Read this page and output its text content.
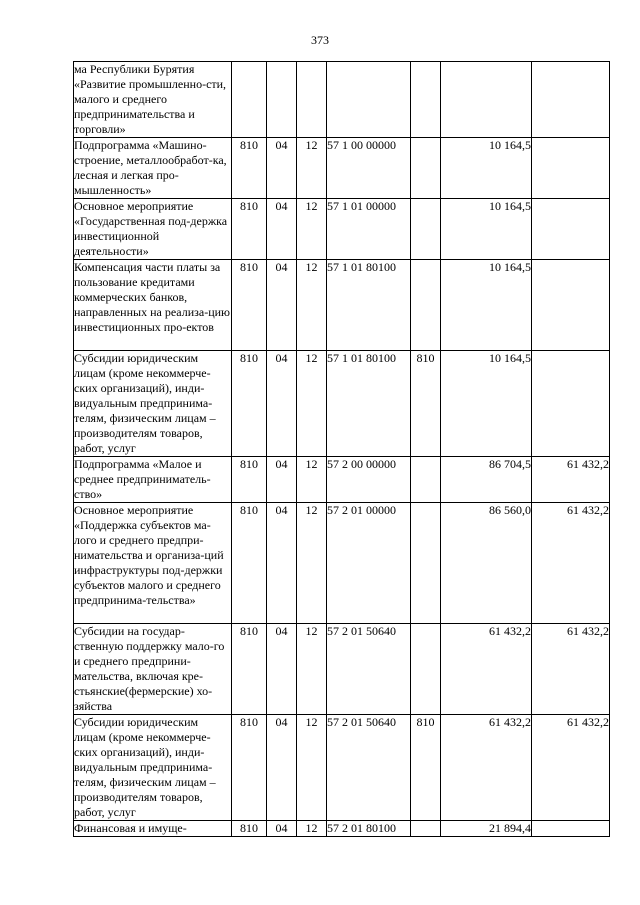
373
ма Республики Бурятия «Развитие промышленно-сти, малого и среднего предпринимательства и торговли»							
Подпрограмма «Машино-строение, металлообработ-ка, лесная и легкая про-мышленность»	810	04	12	57 1 00 00000		10 164,5	
Основное мероприятие «Государственная под-держка инвестиционной деятельности»	810	04	12	57 1 01 00000		10 164,5	
Компенсация части платы за пользование кредитами коммерческих банков, направленных на реализа-цию инвестиционных про-ектов	810	04	12	57 1 01 80100		10 164,5	
Субсидии юридическим лицам (кроме некоммерче-ских организаций), инди-видуальным предпринима-телям, физическим лицам – производителям товаров, работ, услуг	810	04	12	57 1 01 80100	810	10 164,5	
Подпрограмма «Малое и среднее предприниматель-ство»	810	04	12	57 2 00 00000		86 704,5	61 432,2
Основное мероприятие «Поддержка субъектов ма-лого и среднего предпри-нимательства и организа-ций инфраструктуры под-держки субъектов малого и среднего предпринима-тельства»	810	04	12	57 2 01 00000		86 560,0	61 432,2
Субсидии на государ-ственную поддержку мало-го и среднего предприни-мательства, включая кре-стьянские(фермерские) хо-зяйства	810	04	12	57 2 01 50640		61 432,2	61 432,2
Субсидии юридическим лицам (кроме некоммерче-ских организаций), инди-видуальным предпринима-телям, физическим лицам – производителям товаров, работ, услуг	810	04	12	57 2 01 50640	810	61 432,2	61 432,2
Финансовая и имуще-	810	04	12	57 2 01 80100		21 894,4	
